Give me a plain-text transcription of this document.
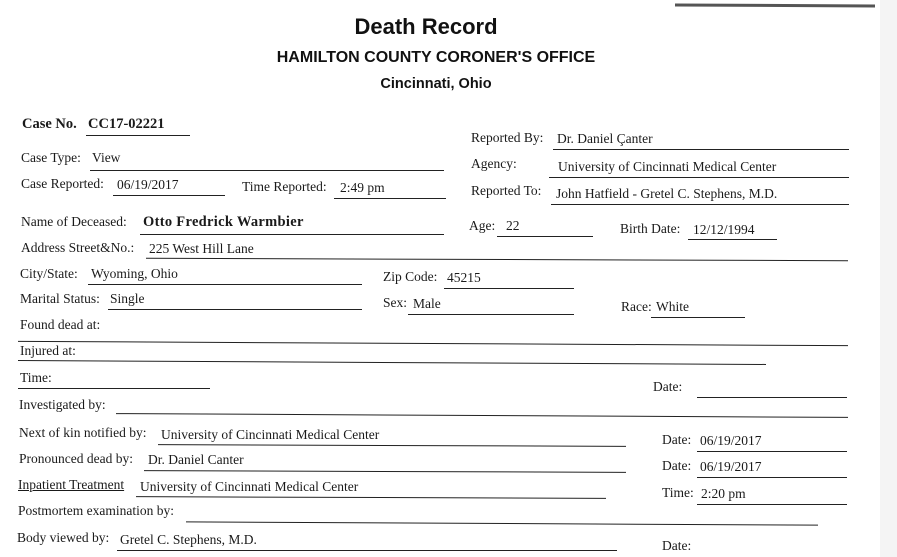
Death Record
HAMILTON COUNTY CORONER'S OFFICE
Cincinnati, Ohio
Case No. CC17-02221
Reported By: Dr. Daniel Çanter
Case Type: View	Agency:	University of Cincinnati Medical Center
Case Reported: 06/19/2017	Time Reported: 2:49 pm	Reported To: John Hatfield - Gretel C. Stephens, M.D.
Name of Deceased: Otto Fredrick Warmbier	Age: 22	Birth Date: 12/12/1994
Address Street&No.: 225 West Hill Lane
City/State: Wyoming, Ohio	Zip Code: 45215
Marital Status: Single	Sex: Male	Race: White
Found dead at:
Injured at:
Time:
Date:
Investigated by:
Next of kin notified by: University of Cincinnati Medical Center	Date: 06/19/2017
Pronounced dead by: Dr. Daniel Canter	Date: 06/19/2017
Inpatient Treatment University of Cincinnati Medical Center	Time: 2:20 pm
Postmortem examination by:
Body viewed by: Gretel C. Stephens, M.D.	Date:
